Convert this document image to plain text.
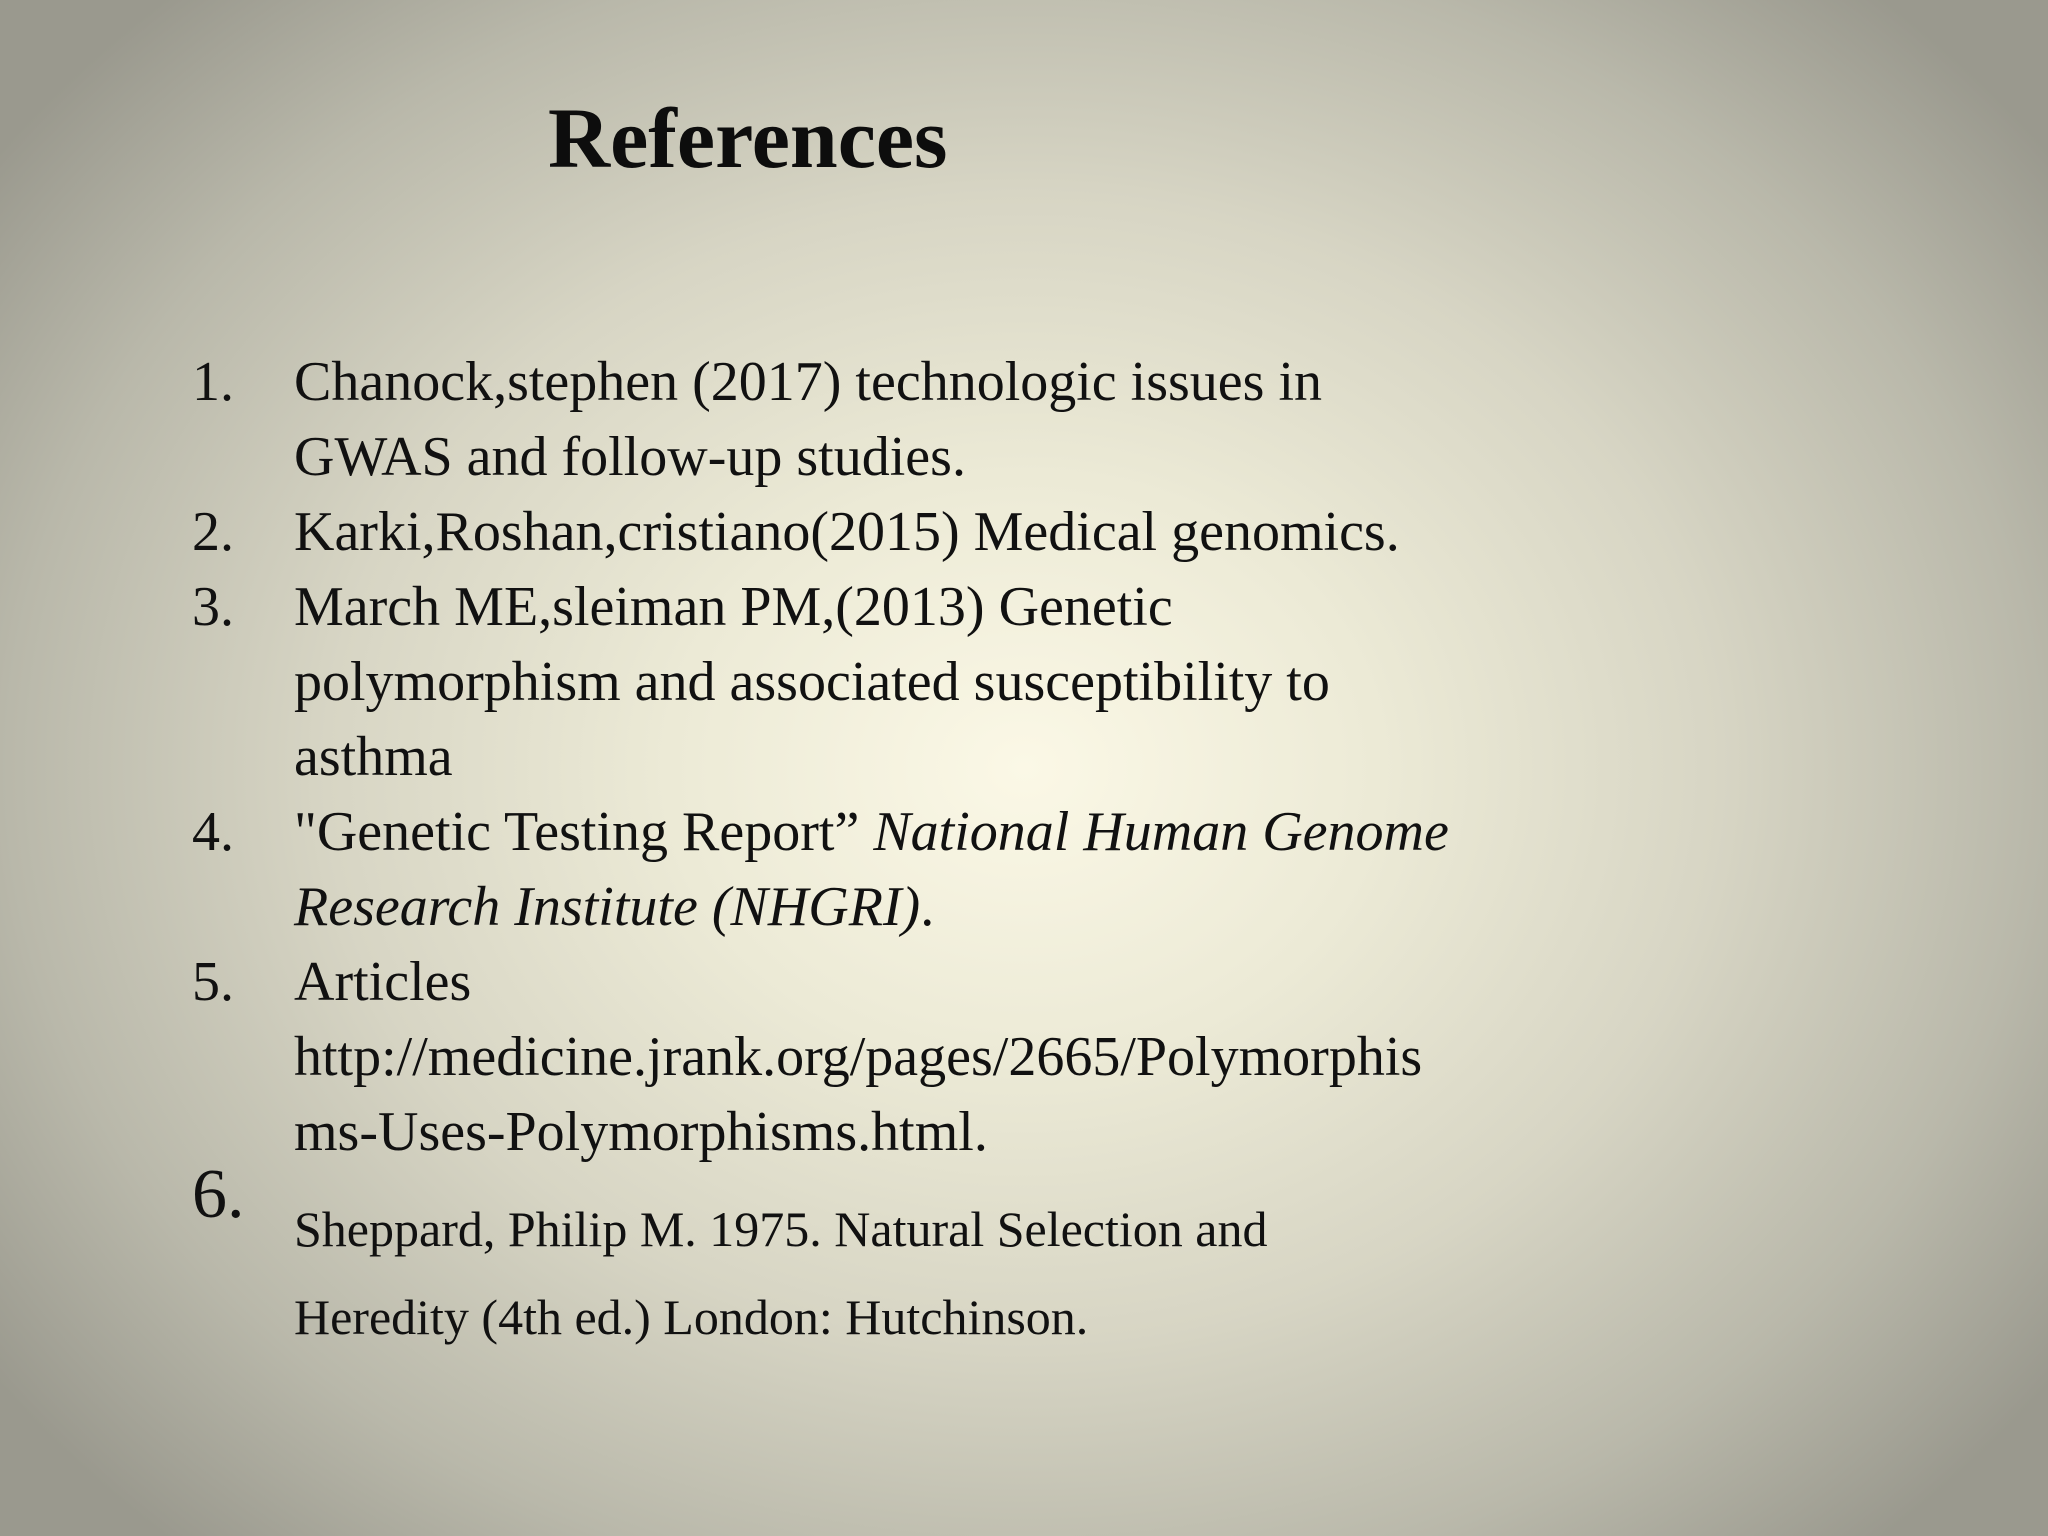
References
1. Chanock,stephen (2017) technologic issues in
GWAS and follow-up studies.
2. Karki,Roshan,cristiano(2015) Medical genomics.
3. March ME,sleiman PM,(2013) Genetic
polymorphism and associated susceptibility to
asthma
4. "Genetic Testing Report” National Human Genome
Research Institute (NHGRI).
5. Articles
http://medicine.jrank.org/pages/2665/Polymorphis
ms-Uses-Polymorphisms.html.
6. Sheppard, Philip M. 1975. Natural Selection and
Heredity (4th ed.) London: Hutchinson.
